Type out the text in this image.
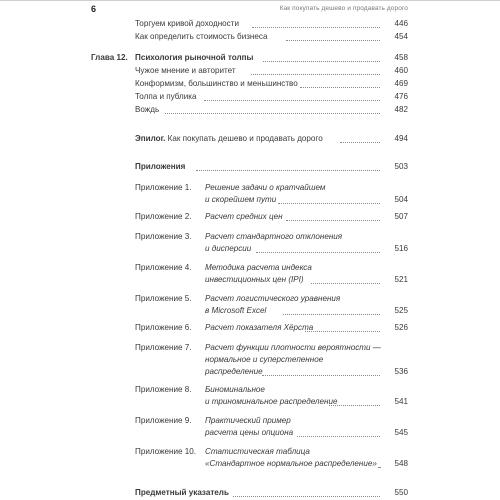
6	Как покупать дешево и продавать дорого
Торгуем кривой доходности	446
Как определить стоимость бизнеса	454
Глава 12. Психология рыночной толпы	458
Чужое мнение и авторитет	460
Конформизм, большинство и меньшинство	469
Толпа и публика	476
Вождь	482
Эпилог. Как покупать дешево и продавать дорого	494
Приложения	503
Приложение 1. Решение задачи о кратчайшем
и скорейшем пути	504
Приложение 2. Расчет средних цен	507
Приложение 3. Расчет стандартного отклонения
и дисперсии	516
Приложение 4. Методика расчета индекса
инвестиционных цен (IPI)	521
Приложение 5. Расчет логистического уравнения
в Microsoft Excel	525
Приложение 6. Расчет показателя Хёрста	526
Приложение 7. Расчет функции плотности вероятности —
нормальное и суперстепенное
распределение	536
Приложение 8. Биноминальное
и триноминальное распределение	541
Приложение 9. Практический пример
расчета цены опциона	545
Приложение 10. Статистическая таблица
«Стандартное нормальное распределение» 548
Предметный указатель	550
